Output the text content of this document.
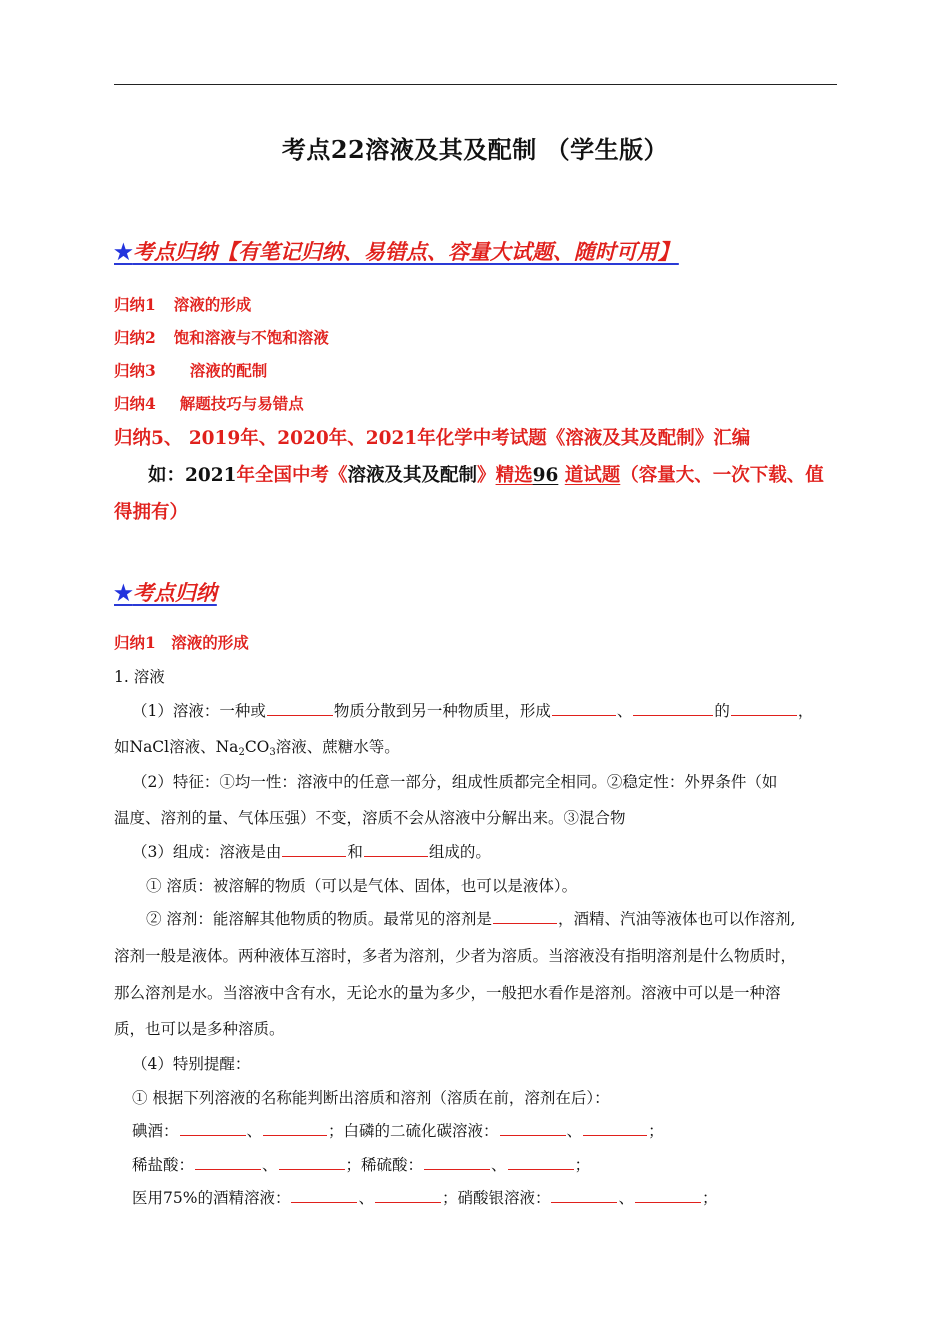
考点22溶液及其及配制 （学生版）
★考点归纳【有笔记归纳、易错点、容量大试题、随时可用】
归纳1 溶液的形成
归纳2 饱和溶液与不饱和溶液
归纳3 溶液的配制
归纳4 解题技巧与易错点
归纳5、 2019年、2020年、2021年化学中考试题《溶液及其及配制》汇编
如：2021年全国中考《溶液及其及配制》精选96 道试题（容量大、一次下载、值
得拥有）
★考点归纳
归纳1　溶液的形成
1. 溶液
（1）溶液：一种或	物质分散到另一种物质里，形成	、	的	，
如NaCl溶液、$Na_2CO_3$溶液、蔗糖水等。
（2）特征：①均一性：溶液中的任意一部分，组成性质都完全相同。②稳定性：外界条件（如
温度、溶剂的量、气体压强）不变，溶质不会从溶液中分解出来。③混合物
（3）组成：溶液是由	和	组成的。
① 溶质：被溶解的物质（可以是气体、固体，也可以是液体）。
② 溶剂：能溶解其他物质的物质。最常见的溶剂是	，酒精、汽油等液体也可以作溶剂,
溶剂一般是液体。两种液体互溶时，多者为溶剂，少者为溶质。当溶液没有指明溶剂是什么物质时，
那么溶剂是水。当溶液中含有水，无论水的量为多少，一般把水看作是溶剂。溶液中可以是一种溶
质，也可以是多种溶质。
（4）特别提醒：
① 根据下列溶液的名称能判断出溶质和溶剂（溶质在前，溶剂在后）：
碘酒：	、	；白磷的二硫化碳溶液：	、	；
稀盐酸：	、	；稀硫酸：	、	；
医用75%的酒精溶液：	、	；硝酸银溶液：	、	；
